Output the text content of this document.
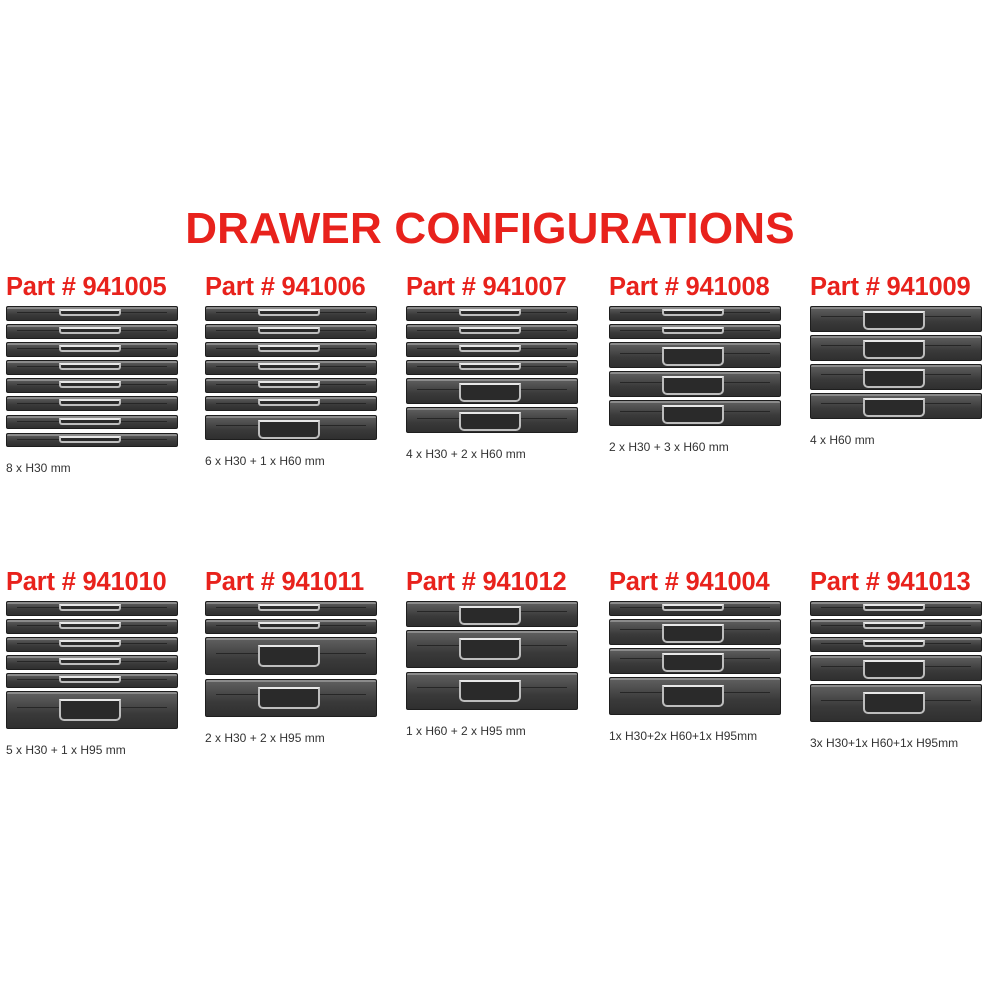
DRAWER CONFIGURATIONS
Part # 941005
8 x H30 mm
Part # 941006
6 x H30 + 1 x H60 mm
Part # 941007
4 x H30 + 2 x H60 mm
Part # 941008
2 x H30 + 3 x H60 mm
Part # 941009
4 x H60 mm
Part # 941010
5 x H30 + 1 x H95 mm
Part # 941011
2 x H30 + 2 x H95 mm
Part # 941012
1 x H60 + 2 x H95 mm
Part # 941004
1x H30+2x H60+1x H95mm
Part # 941013
3x H30+1x H60+1x H95mm
